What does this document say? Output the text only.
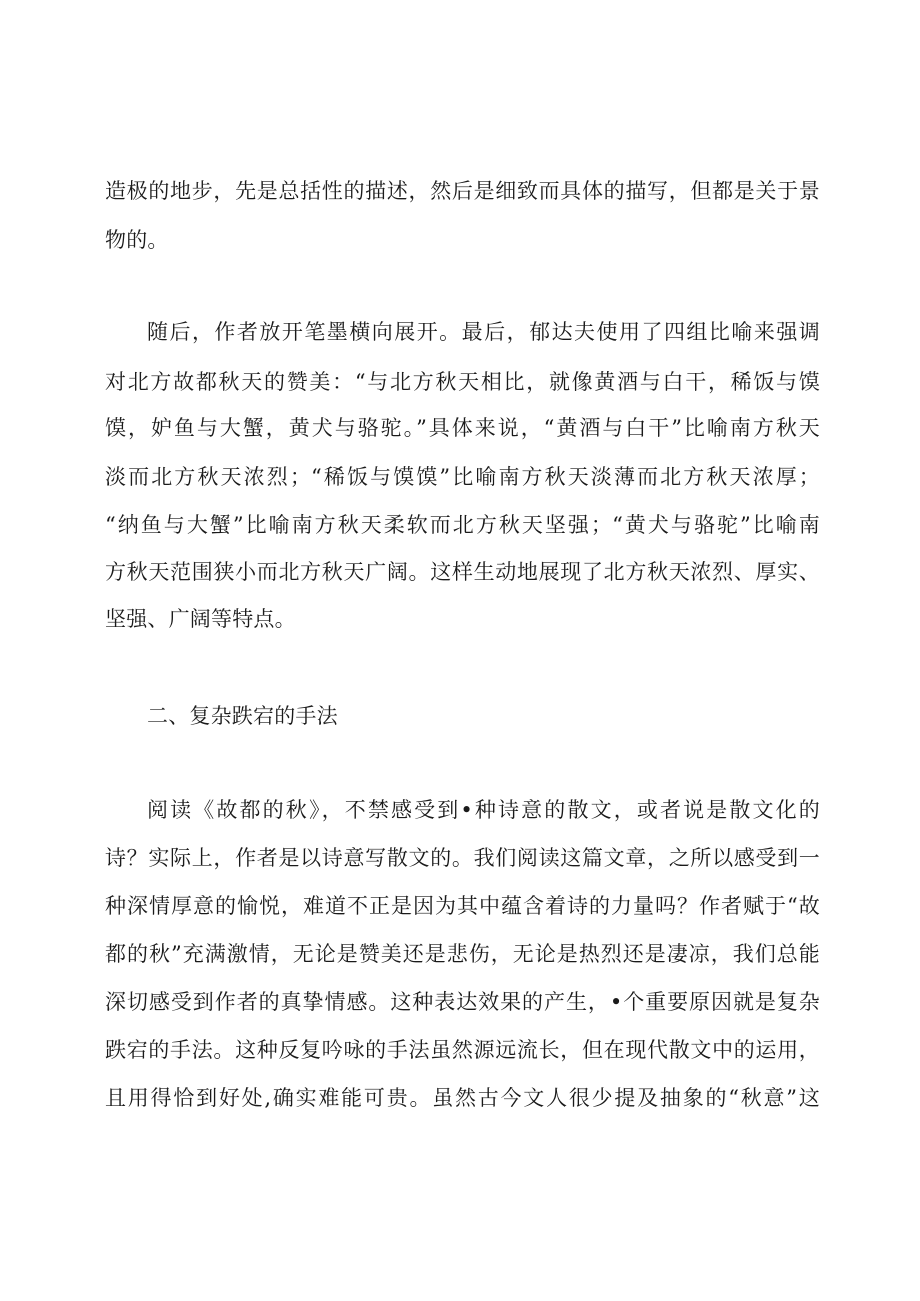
造极的地步，先是总括性的描述，然后是细致而具体的描写，但都是关于景
物的。
随后，作者放开笔墨横向展开。最后，郁达夫使用了四组比喻来强调
对北方故都秋天的赞美：“与北方秋天相比，就像黄酒与白干，稀饭与馍
馍，妒鱼与大蟹，黄犬与骆驼。”具体来说，“黄酒与白干”比喻南方秋天
淡而北方秋天浓烈；“稀饭与馍馍”比喻南方秋天淡薄而北方秋天浓厚；
“纳鱼与大蟹”比喻南方秋天柔软而北方秋天坚强；“黄犬与骆驼”比喻南
方秋天范围狭小而北方秋天广阔。这样生动地展现了北方秋天浓烈、厚实、
坚强、广阔等特点。
二、复杂跌宕的手法
阅读《故都的秋》，不禁感受到•种诗意的散文，或者说是散文化的
诗？实际上，作者是以诗意写散文的。我们阅读这篇文章，之所以感受到一
种深情厚意的愉悦，难道不正是因为其中蕴含着诗的力量吗？作者赋于“故
都的秋”充满激情，无论是赞美还是悲伤，无论是热烈还是凄凉，我们总能
深切感受到作者的真挚情感。这种表达效果的产生，•个重要原因就是复杂
跌宕的手法。这种反复吟咏的手法虽然源远流长，但在现代散文中的运用，
且用得恰到好处,确实难能可贵。虽然古今文人很少提及抽象的“秋意”这
